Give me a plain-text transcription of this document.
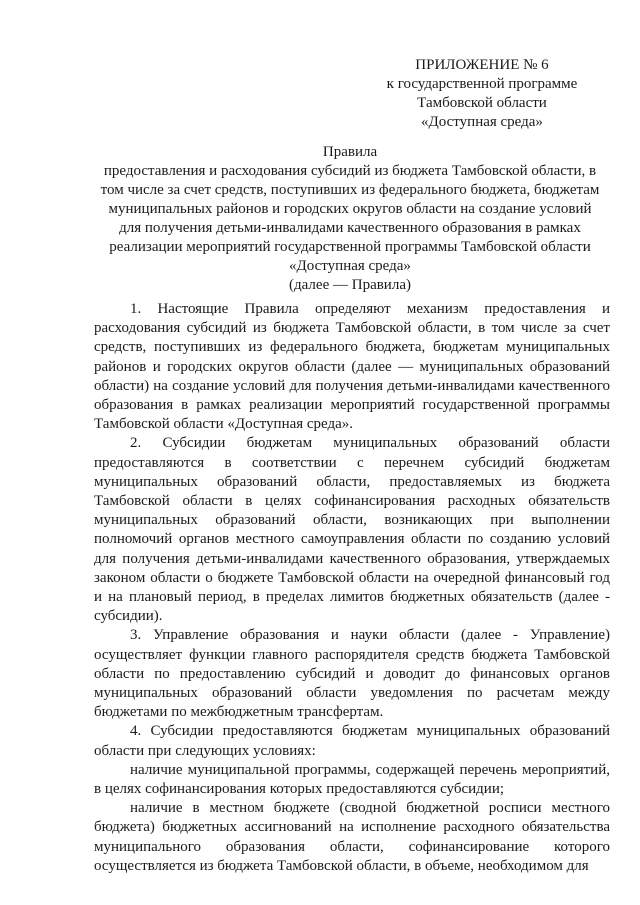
ПРИЛОЖЕНИЕ № 6
к государственной программе
Тамбовской области
«Доступная среда»
Правила
предоставления и расходования субсидий из бюджета Тамбовской области, в
том числе за счет средств, поступивших из федерального бюджета, бюджетам
муниципальных районов и городских округов области на создание условий
для получения детьми-инвалидами качественного образования в рамках
реализации мероприятий государственной программы Тамбовской области
«Доступная среда»
(далее — Правила)

1. Настоящие Правила определяют механизм предоставления и расходования субсидий из бюджета Тамбовской области, в том числе за счет средств, поступивших из федерального бюджета, бюджетам муниципальных районов и городских округов области (далее — муниципальных образований области) на создание условий для получения детьми-инвалидами качественного образования в рамках реализации мероприятий государственной программы Тамбовской области «Доступная среда».

2. Субсидии бюджетам муниципальных образований области предоставляются в соответствии с перечнем субсидий бюджетам муниципальных образований области, предоставляемых из бюджета Тамбовской области в целях софинансирования расходных обязательств муниципальных образований области, возникающих при выполнении полномочий органов местного самоуправления области по созданию условий для получения детьми-инвалидами качественного образования, утверждаемых законом области о бюджете Тамбовской области на очередной финансовый год и на плановый период, в пределах лимитов бюджетных обязательств (далее - субсидии).

3. Управление образования и науки области (далее - Управление) осуществляет функции главного распорядителя средств бюджета Тамбовской области по предоставлению субсидий и доводит до финансовых органов муниципальных образований области уведомления по расчетам между бюджетами по межбюджетным трансфертам.

4. Субсидии предоставляются бюджетам муниципальных образований области при следующих условиях:

наличие муниципальной программы, содержащей перечень мероприятий, в целях софинансирования которых предоставляются субсидии;

наличие в местном бюджете (сводной бюджетной росписи местного бюджета) бюджетных ассигнований на исполнение расходного обязательства муниципального образования области, софинансирование которого осуществляется из бюджета Тамбовской области, в объеме, необходимом для
